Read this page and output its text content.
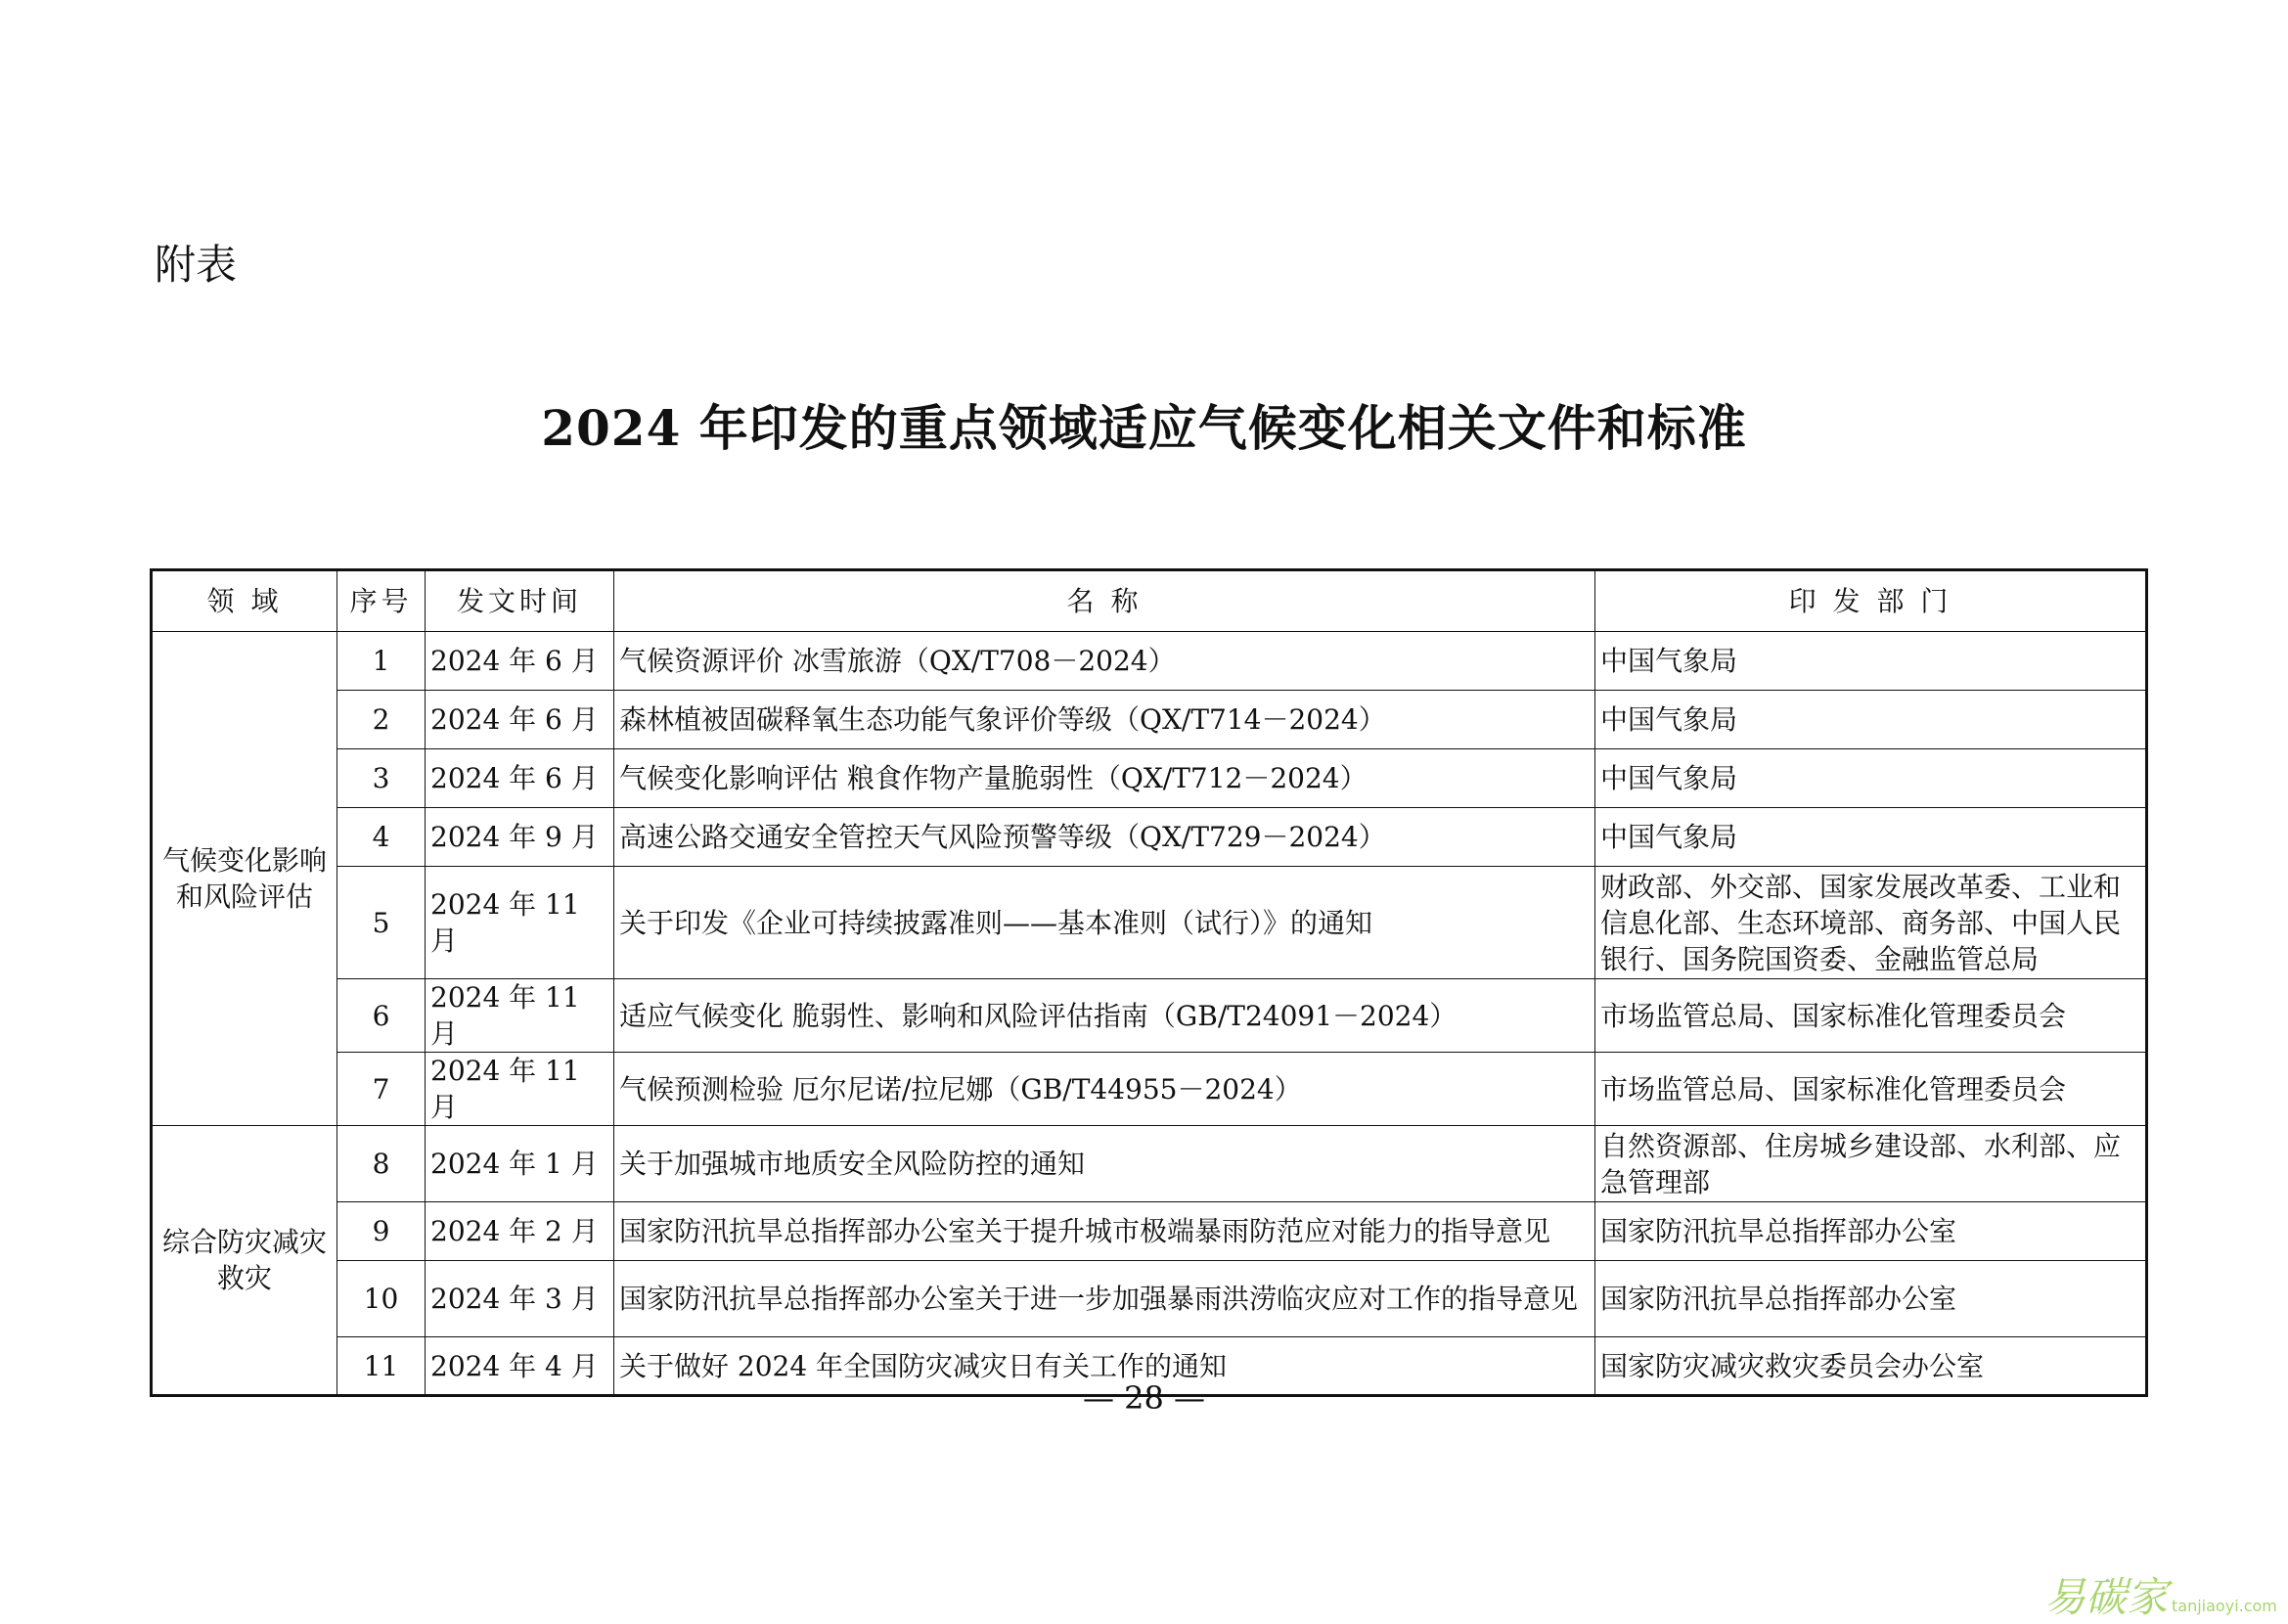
附表
2024 年印发的重点领域适应气候变化相关文件和标准
领 域	序号	发文时间	名 称	印 发 部 门
气候变化影响和风险评估	1	2024 年 6 月	气候资源评价 冰雪旅游（QX/T708－2024）	中国气象局
	2	2024 年 6 月	森林植被固碳释氧生态功能气象评价等级（QX/T714－2024）	中国气象局
	3	2024 年 6 月	气候变化影响评估 粮食作物产量脆弱性（QX/T712－2024）	中国气象局
	4	2024 年 9 月	高速公路交通安全管控天气风险预警等级（QX/T729－2024）	中国气象局
	5	2024 年 11 月	关于印发《企业可持续披露准则——基本准则（试行）》的通知	财政部、外交部、国家发展改革委、工业和信息化部、生态环境部、商务部、中国人民银行、国务院国资委、金融监管总局
	6	2024 年 11 月	适应气候变化 脆弱性、影响和风险评估指南（GB/T24091－2024）	市场监管总局、国家标准化管理委员会
	7	2024 年 11 月	气候预测检验 厄尔尼诺/拉尼娜（GB/T44955－2024）	市场监管总局、国家标准化管理委员会
综合防灾减灾救灾	8	2024 年 1 月	关于加强城市地质安全风险防控的通知	自然资源部、住房城乡建设部、水利部、应急管理部
	9	2024 年 2 月	国家防汛抗旱总指挥部办公室关于提升城市极端暴雨防范应对能力的指导意见	国家防汛抗旱总指挥部办公室
	10	2024 年 3 月	国家防汛抗旱总指挥部办公室关于进一步加强暴雨洪涝临灾应对工作的指导意见	国家防汛抗旱总指挥部办公室
	11	2024 年 4 月	关于做好 2024 年全国防灾减灾日有关工作的通知	国家防灾减灾救灾委员会办公室
— 28 —
易碳家 tanjiaoyi.com
